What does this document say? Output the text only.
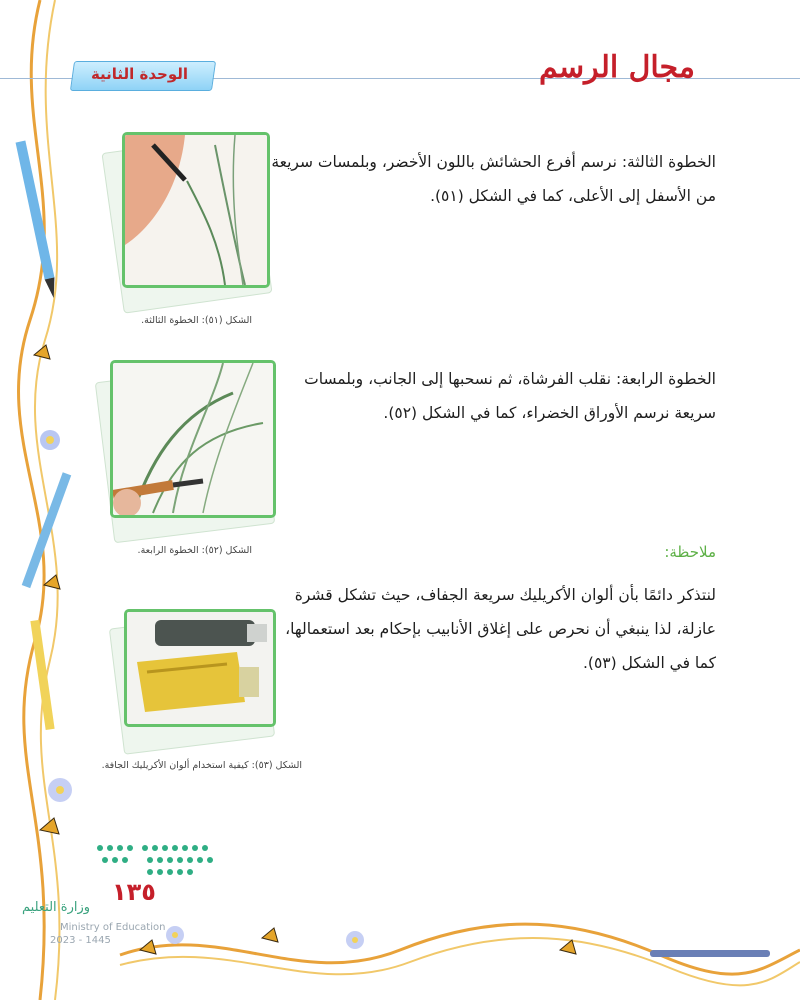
الوحدة الثانية	مجال الرسم
الخطوة الثالثة: نرسم أفرع الحشائش باللون الأخضر، وبلمسات سريعة من الأسفل إلى الأعلى، كما في الشكل (٥١).
الشكل (٥١): الخطوة الثالثة.
الخطوة الرابعة: نقلب الفرشاة، ثم نسحبها إلى الجانب، وبلمسات سريعة نرسم الأوراق الخضراء، كما في الشكل (٥٢).
الشكل (٥٢): الخطوة الرابعة.	ملاحظة:
لنتذكر دائمًا بأن ألوان الأكريليك سريعة الجفاف، حيث تشكل قشرة عازلة، لذا ينبغي أن نحرص على إغلاق الأنابيب بإحكام بعد استعمالها، كما في الشكل (٥٣).
الشكل (٥٣): كيفية استخدام ألوان الأكريليك الجافة.
١٣٥
وزارة التعليم
Ministry of Education
2023 - 1445
